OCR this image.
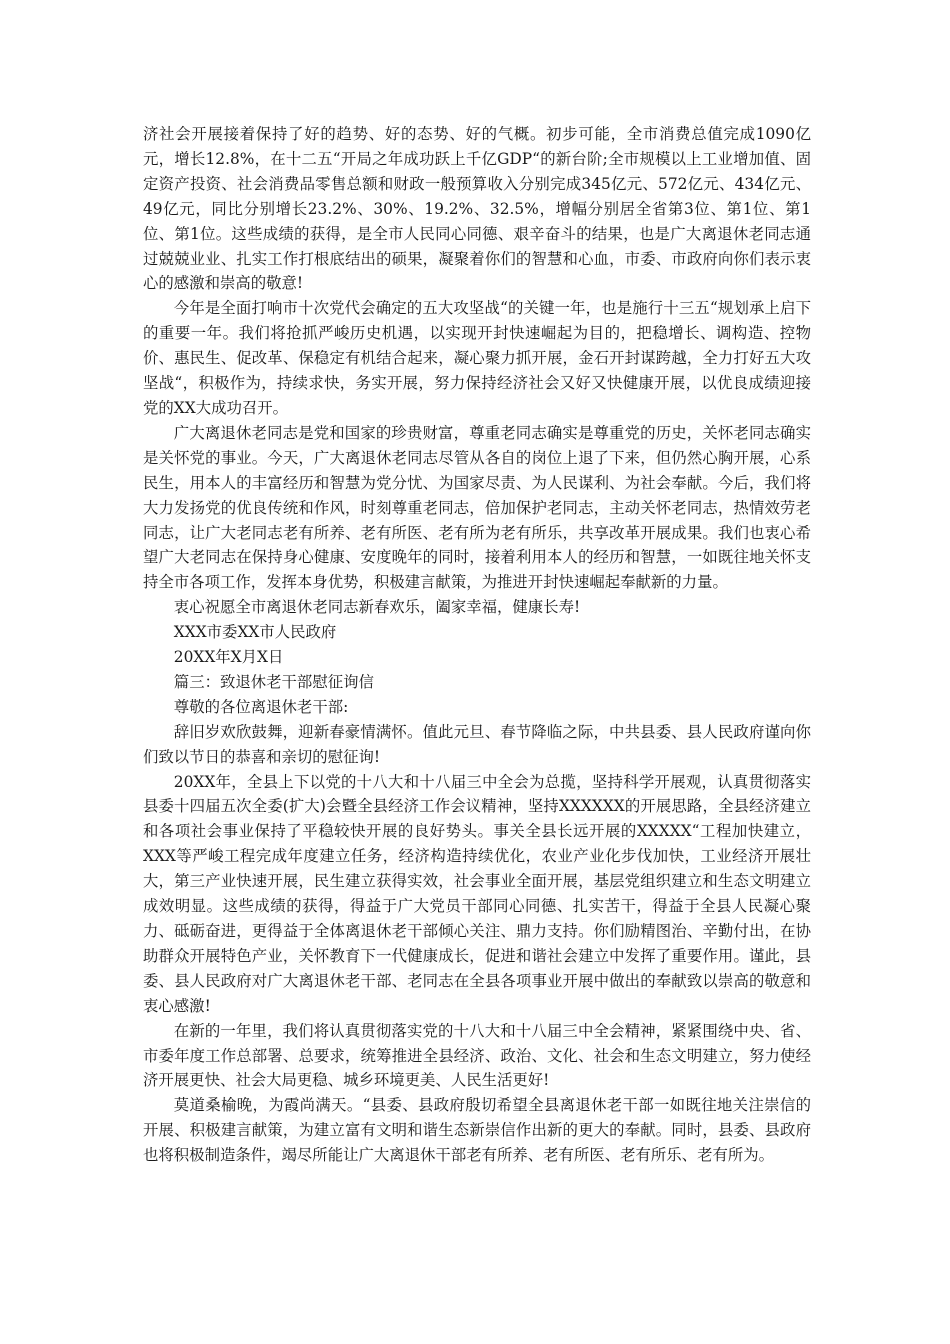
济社会开展接着保持了好的趋势、好的态势、好的气概。初步可能，全市消费总值完成1090亿元，增长12.8%，在十二五“开局之年成功跃上千亿GDP“的新台阶;全市规模以上工业增加值、固定资产投资、社会消费品零售总额和财政一般预算收入分别完成345亿元、572亿元、434亿元、49亿元，同比分别增长23.2%、30%、19.2%、32.5%，增幅分别居全省第3位、第1位、第1位、第1位。这些成绩的获得，是全市人民同心同德、艰辛奋斗的结果，也是广大离退休老同志通过兢兢业业、扎实工作打根底结出的硕果，凝聚着你们的智慧和心血，市委、市政府向你们表示衷心的感激和崇高的敬意!

今年是全面打响市十次党代会确定的五大攻坚战“的关键一年，也是施行十三五“规划承上启下的重要一年。我们将抢抓严峻历史机遇，以实现开封快速崛起为目的，把稳增长、调构造、控物价、惠民生、促改革、保稳定有机结合起来，凝心聚力抓开展，金石开封谋跨越，全力打好五大攻坚战“，积极作为，持续求快，务实开展，努力保持经济社会又好又快健康开展，以优良成绩迎接党的XX大成功召开。

广大离退休老同志是党和国家的珍贵财富，尊重老同志确实是尊重党的历史，关怀老同志确实是关怀党的事业。今天，广大离退休老同志尽管从各自的岗位上退了下来，但仍然心胸开展，心系民生，用本人的丰富经历和智慧为党分忧、为国家尽责、为人民谋利、为社会奉献。今后，我们将大力发扬党的优良传统和作风，时刻尊重老同志，倍加保护老同志，主动关怀老同志，热情效劳老同志，让广大老同志老有所养、老有所医、老有所为老有所乐，共享改革开展成果。我们也衷心希望广大老同志在保持身心健康、安度晚年的同时，接着利用本人的经历和智慧，一如既往地关怀支持全市各项工作，发挥本身优势，积极建言献策，为推进开封快速崛起奉献新的力量。

衷心祝愿全市离退休老同志新春欢乐，阖家幸福，健康长寿!

XXX市委XX市人民政府

20XX年X月X日

篇三：致退休老干部慰征询信

尊敬的各位离退休老干部:

辞旧岁欢欣鼓舞，迎新春豪情满怀。值此元旦、春节降临之际，中共县委、县人民政府谨向你们致以节日的恭喜和亲切的慰征询!

20XX年，全县上下以党的十八大和十八届三中全会为总揽，坚持科学开展观，认真贯彻落实县委十四届五次全委(扩大)会暨全县经济工作会议精神，坚持XXXXXX的开展思路，全县经济建立和各项社会事业保持了平稳较快开展的良好势头。事关全县长远开展的XXXXX“工程加快建立，XXX等严峻工程完成年度建立任务，经济构造持续优化，农业产业化步伐加快，工业经济开展壮大，第三产业快速开展，民生建立获得实效，社会事业全面开展，基层党组织建立和生态文明建立成效明显。这些成绩的获得，得益于广大党员干部同心同德、扎实苦干，得益于全县人民凝心聚力、砥砺奋进，更得益于全体离退休老干部倾心关注、鼎力支持。你们励精图治、辛勤付出，在协助群众开展特色产业，关怀教育下一代健康成长，促进和谐社会建立中发挥了重要作用。谨此，县委、县人民政府对广大离退休老干部、老同志在全县各项事业开展中做出的奉献致以崇高的敬意和衷心感激!

在新的一年里，我们将认真贯彻落实党的十八大和十八届三中全会精神，紧紧围绕中央、省、市委年度工作总部署、总要求，统筹推进全县经济、政治、文化、社会和生态文明建立，努力使经济开展更快、社会大局更稳、城乡环境更美、人民生活更好!

莫道桑榆晚，为霞尚满天。“县委、县政府殷切希望全县离退休老干部一如既往地关注崇信的开展、积极建言献策，为建立富有文明和谐生态新崇信作出新的更大的奉献。同时，县委、县政府也将积极制造条件，竭尽所能让广大离退休干部老有所养、老有所医、老有所乐、老有所为。
